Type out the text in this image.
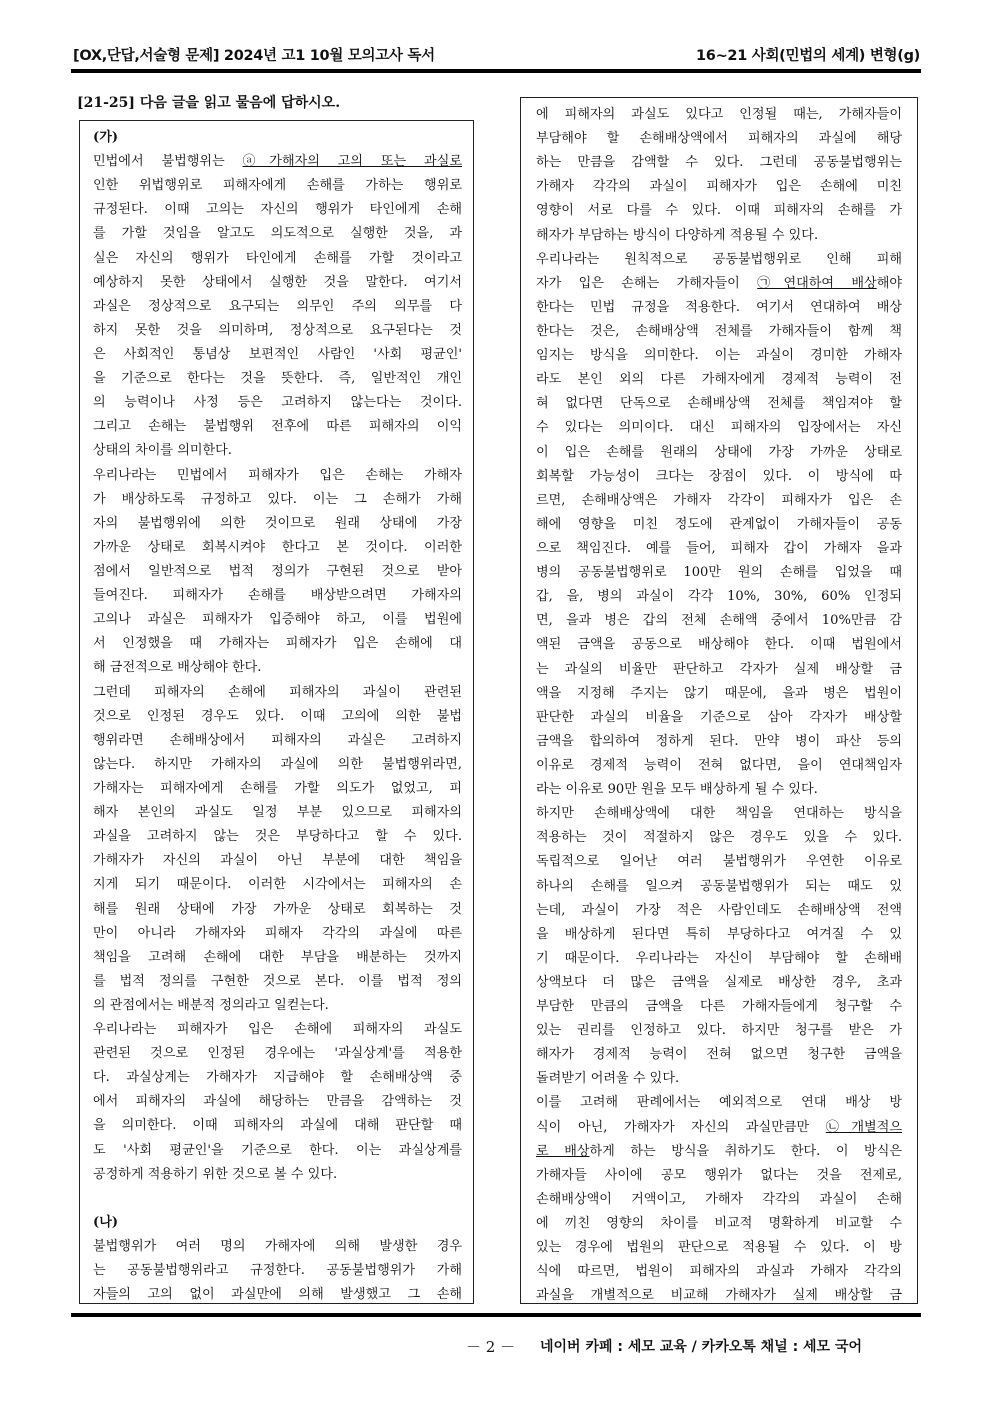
[OX,단답,서술형 문제] 2024년 고1 10월 모의고사 독서	16~21 사회(민법의 세계) 변형(g)
[21-25] 다음 글을 읽고 물음에 답하시오.
(가)
민법에서 불법행위는 ⓐ가해자의 고의 또는 과실로
인한 위법행위로 피해자에게 손해를 가하는 행위로
규정된다. 이때 고의는 자신의 행위가 타인에게 손해
를 가할 것임을 알고도 의도적으로 실행한 것을, 과
실은 자신의 행위가 타인에게 손해를 가할 것이라고
예상하지 못한 상태에서 실행한 것을 말한다. 여기서
과실은 정상적으로 요구되는 의무인 주의 의무를 다
하지 못한 것을 의미하며, 정상적으로 요구된다는 것
은 사회적인 통념상 보편적인 사람인 '사회 평균인'
을 기준으로 한다는 것을 뜻한다. 즉, 일반적인 개인
의 능력이나 사정 등은 고려하지 않는다는 것이다.
그리고 손해는 불법행위 전후에 따른 피해자의 이익
상태의 차이를 의미한다.
우리나라는 민법에서 피해자가 입은 손해는 가해자
가 배상하도록 규정하고 있다. 이는 그 손해가 가해
자의 불법행위에 의한 것이므로 원래 상태에 가장
가까운 상태로 회복시켜야 한다고 본 것이다. 이러한
점에서 일반적으로 법적 정의가 구현된 것으로 받아
들여진다. 피해자가 손해를 배상받으려면 가해자의
고의나 과실은 피해자가 입증해야 하고, 이를 법원에
서 인정했을 때 가해자는 피해자가 입은 손해에 대
해 금전적으로 배상해야 한다.
그런데 피해자의 손해에 피해자의 과실이 관련된
것으로 인정된 경우도 있다. 이때 고의에 의한 불법
행위라면 손해배상에서 피해자의 과실은 고려하지
않는다. 하지만 가해자의 과실에 의한 불법행위라면,
가해자는 피해자에게 손해를 가할 의도가 없었고, 피
해자 본인의 과실도 일정 부분 있으므로 피해자의
과실을 고려하지 않는 것은 부당하다고 할 수 있다.
가해자가 자신의 과실이 아닌 부분에 대한 책임을
지게 되기 때문이다. 이러한 시각에서는 피해자의 손
해를 원래 상태에 가장 가까운 상태로 회복하는 것
만이 아니라 가해자와 피해자 각각의 과실에 따른
책임을 고려해 손해에 대한 부담을 배분하는 것까지
를 법적 정의를 구현한 것으로 본다. 이를 법적 정의
의 관점에서는 배분적 정의라고 일컫는다.
우리나라는 피해자가 입은 손해에 피해자의 과실도
관련된 것으로 인정된 경우에는 '과실상계'를 적용한
다. 과실상계는 가해자가 지급해야 할 손해배상액 중
에서 피해자의 과실에 해당하는 만큼을 감액하는 것
을 의미한다. 이때 피해자의 과실에 대해 판단할 때
도 '사회 평균인'을 기준으로 한다. 이는 과실상계를
공정하게 적용하기 위한 것으로 볼 수 있다.
(나)
불법행위가 여러 명의 가해자에 의해 발생한 경우
는 공동불법행위라고 규정한다. 공동불법행위가 가해
자들의 고의 없이 과실만에 의해 발생했고 그 손해
에 피해자의 과실도 있다고 인정될 때는, 가해자들이
부담해야 할 손해배상액에서 피해자의 과실에 해당
하는 만큼을 감액할 수 있다. 그런데 공동불법행위는
가해자 각각의 과실이 피해자가 입은 손해에 미친
영향이 서로 다를 수 있다. 이때 피해자의 손해를 가
해자가 부담하는 방식이 다양하게 적용될 수 있다.
우리나라는 원칙적으로 공동불법행위로 인해 피해
자가 입은 손해는 가해자들이 ㉠연대하여 배상해야
한다는 민법 규정을 적용한다. 여기서 연대하여 배상
한다는 것은, 손해배상액 전체를 가해자들이 함께 책
임지는 방식을 의미한다. 이는 과실이 경미한 가해자
라도 본인 외의 다른 가해자에게 경제적 능력이 전
혀 없다면 단독으로 손해배상액 전체를 책임져야 할
수 있다는 의미이다. 대신 피해자의 입장에서는 자신
이 입은 손해를 원래의 상태에 가장 가까운 상태로
회복할 가능성이 크다는 장점이 있다. 이 방식에 따
르면, 손해배상액은 가해자 각각이 피해자가 입은 손
해에 영향을 미친 정도에 관계없이 가해자들이 공동
으로 책임진다. 예를 들어, 피해자 갑이 가해자 을과
병의 공동불법행위로 100만 원의 손해를 입었을 때
갑, 을, 병의 과실이 각각 10%, 30%, 60% 인정되
면, 을과 병은 갑의 전체 손해액 중에서 10%만큼 감
액된 금액을 공동으로 배상해야 한다. 이때 법원에서
는 과실의 비율만 판단하고 각자가 실제 배상할 금
액을 지정해 주지는 않기 때문에, 을과 병은 법원이
판단한 과실의 비율을 기준으로 삼아 각자가 배상할
금액을 합의하여 정하게 된다. 만약 병이 파산 등의
이유로 경제적 능력이 전혀 없다면, 을이 연대책임자
라는 이유로 90만 원을 모두 배상하게 될 수 있다.
하지만 손해배상액에 대한 책임을 연대하는 방식을
적용하는 것이 적절하지 않은 경우도 있을 수 있다.
독립적으로 일어난 여러 불법행위가 우연한 이유로
하나의 손해를 일으켜 공동불법행위가 되는 때도 있
는데, 과실이 가장 적은 사람인데도 손해배상액 전액
을 배상하게 된다면 특히 부당하다고 여겨질 수 있
기 때문이다. 우리나라는 자신이 부담해야 할 손해배
상액보다 더 많은 금액을 실제로 배상한 경우, 초과
부담한 만큼의 금액을 다른 가해자들에게 청구할 수
있는 권리를 인정하고 있다. 하지만 청구를 받은 가
해자가 경제적 능력이 전혀 없으면 청구한 금액을
돌려받기 어려울 수 있다.
이를 고려해 판례에서는 예외적으로 연대 배상 방
식이 아닌, 가해자가 자신의 과실만큼만 ㉡개별적으
로 배상하게 하는 방식을 취하기도 한다. 이 방식은
가해자들 사이에 공모 행위가 없다는 것을 전제로,
손해배상액이 거액이고, 가해자 각각의 과실이 손해
에 끼친 영향의 차이를 비교적 명확하게 비교할 수
있는 경우에 법원의 판단으로 적용될 수 있다. 이 방
식에 따르면, 법원이 피해자의 과실과 가해자 각각의
과실을 개별적으로 비교해 가해자가 실제 배상할 금
－ 2 － 네이버 카페 : 세모 교육 / 카카오톡 채널 : 세모 국어
